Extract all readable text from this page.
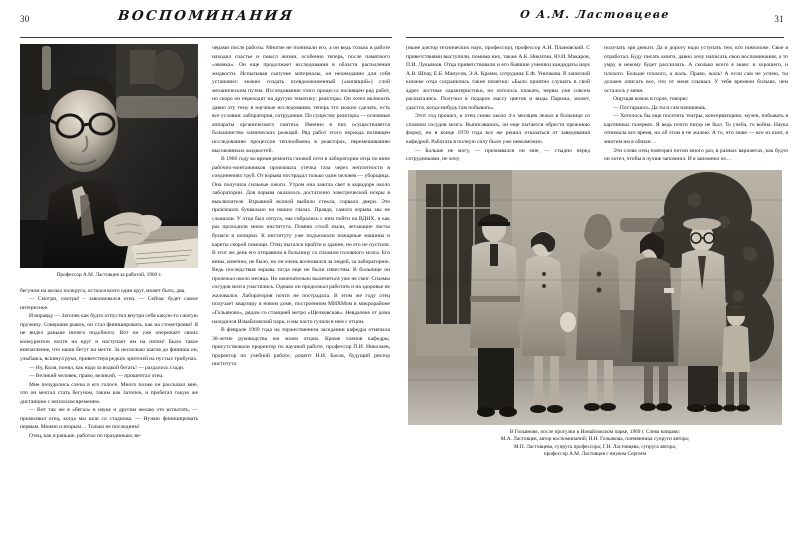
30	ВОСПОМИНАНИЯ
Профессор А.М. Ластовцев за работой, 1960 г.

бегуном на целых полкруга, остался всего один круг, может быть, два.

— Смотри, смотри! – заволновался отец. — Сейчас будет самое интересное.

И вправду — Затопек как будто отпустил внутри себя какую-то сжатую пружину. Совершив рывок, он стал финишировать, как на стометровке! Я не видел раньше ничего подобного. Вот он уже опережает своих конкурентов почти на круг и наступает им на пятки! Было такое впечатление, что наши бегут на месте. За несколько шагов до финиша он, улыбаясь, вскинул руки, приветствуя редких зрителей на пустых трибунах.

— Ну, Коля, понял, как надо за водкой бегать! — раздалось сзади.

— Великий человек, право, великий, — прошептал отец.

Мне почудились слезы в его голосе. Много позже он рассказал мне, что он мечтал стать бегуном, таким как Затопек, и пробегал такую же дистанцию с неплохим временем.

— Вот так же я «бегал» в науке и другим желаю это испытать, — промолвил отец, когда мы шли со стадиона. — Нужно финишировать первым. Можно и вторым… Только не последним!

Отец, как и раньше, работал по праздникам, ве-

черами после работы. Многие не понимали его, а он ведь только в работе находил счастье и смысл жизни, особенно теперь, после памятного «звонка». Он еще продолжает исследования в области распыления жидкости. Испытывая сыпучие материалы, он неожиданно для себя установил: можно создать псевдоожиженный («кипящий») слой механическим путем. Исследованию этого процесса посвящен ряд работ, но скоро он переходит на другую тематику: реакторы. Он хотел включить давно эту тему в научные исследования, теперь это можно сделать, есть все условия: лаборатория, сотрудники. По существу реакторы — основные аппараты органического синтеза. Именно в них осуществляется большинство химических реакций. Ряд работ этого периода посвящен исследованию процессов теплообмена в реакторах, перемешиванию высоковязких жидкостей.

В 1966 году во время ремонта газовой сети в лаборатории отца по вине рабочих-монтажников произошла утечка газа через неплотности в соединениях труб. От взрыва пострадал только один человек — уборщица. Она получила сильные ожоги. Утром она зажгла свет в коридоре около лаборатории. Для взрыва оказалось достаточно электрической искры в выключателе. Взрывной волной выбило стекла, сорвало двери. Это произошло буквально на наших глазах. Правда, самого взрыва мы не слышали. У отца был отпуск, мы собрались с ним пойти на ВДНХ, и как раз проходили мимо института. Помню столб пыли, летающие листы бумаги и копирки. К институту уже подъезжали пожарные машины и кареты скорой помощи. Отец пытался пройти в здание, но его не пустили. В этот же день его отправили в больницу со спазмом головного мозга. Его вины, конечно, не было, но он очень волновался за людей, за лабораторию. Ведь последствия взрыва тогда еще не были известны. В больнице он пролежал около месяца. Но окончательно вылечиться уже не смог. Спазмы сосудов мозга участились. Однако он продолжал работать и на здоровье не жаловался. Лаборатория почти не пострадала. В этом же году отец получает квартиру в новом доме, построенном МИХМом в микрорайоне «Гольяново», рядом со станцией метро «Щелковская». Невдалеке от дома находился Измайловский парк, и мы часто гуляли в нем с отцом.

В феврале 1969 года на торжественном заседании кафедра отмечала 30-летие руководства ею моим отцом. Кроме членов кафедры, присутствовали проректор по научной работе, профессор П.И. Николаев, проректор по учебной работе, доцент Н.И. Басов, будущий ректор института

О А.М. Ластовцеве	31

(ныне доктор технических наук, профессор), профессор А.Н. Плановский. С приветствиями выступили, помимо них, также А.К. Никитин, Ю.И. Макаров, П.И. Лукьянов. Отца приветствовали и его бывшие ученики кандидаты наук А.В. Шпау, Е.Б. Манусов, Э.А. Крамм, сотрудник Е.Ф. Уничкова. В записной книжке отца сохранились такие пометки: «Было приятно слушать в свой адрес лестные характеристики, но хотелось плакать, нервы уже совсем расшатались. Получил в подарок массу цветов и виды Парижа, может, удастся, когда-нибудь там побывать».

Этот год прошел, и отец снова около 4-х месяцев лежал в больнице со спазмом сосудов мозга. Выписавшись, он еще пытается обрести прежнюю форму, но в конце 1970 года все же решил отказаться от заведования кафедрой. Работать в полную силу было уже невозможно.

— Больше не могу, — признавался он мне, — стыдно перед сотрудниками, не хочу

получать зря деньги. Да и дорогу надо уступать тем, кто помоложе. Свое я отработал. Буду писать книги, давно хочу написать свои воспоминания, а то умру и некому будет рассказать. А сколько всего я знаю: и хорошего, и плохого. Больше плохого, а жаль. Право, жаль! А если сам не успею, ты должен описать все, что от меня слышал. У тебя времени больше, чем осталось у меня.

Ощущая комок в горле, говорю:

— Постараюсь. Да ты и сам напишешь.

— Хотелось бы еще посетить театры, консерваторию, музеи, побывать в картинных галереях. Я ведь почти нигде не был. То учеба, то война. Наука отнимала все время, но об этом я не жалею. А то, что знаю — все из книг, я многим им я обязан…

Эти слова отец повторял потом много раз, в разных вариантах, как будто он хотел, чтобы я лучше запомнил. И я запомнил их…

В Гольянове, после прогулки в Измайловском парке, 1969 г. Слева направо:
М.А. Ластовцев, автор воспоминаний; Н.Н. Гольякова, племянница супруги автора;
М.П. Ластовцева, супруга профессора; Г.Н. Ластовцева, супруга автора;
профессор А.М. Ластовцев с внуком Сергеем
